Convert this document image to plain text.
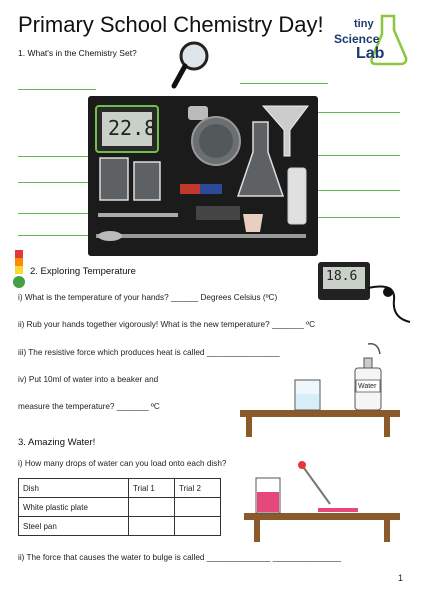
Primary School Chemistry Day!	tiny
Science
Lab
1. What's in the Chemistry Set?
22.8
2. Exploring Temperature	18.6
i) What is the temperature of your hands? ______ Degrees Celsius (ºC)
ii) Rub your hands together vigorously! What is the new temperature? _______ ºC
iii) The resistive force which produces heat is called ________________
iv) Put 10ml of water into a beaker and
measure the temperature? _______ ºC
Water
3. Amazing Water!
i) How many drops of water can you load onto each dish?
Dish	Trial 1	Trial 2
White plastic plate		
Steel pan		
ii) The force that causes the water to bulge is called ______________ _______________
1
